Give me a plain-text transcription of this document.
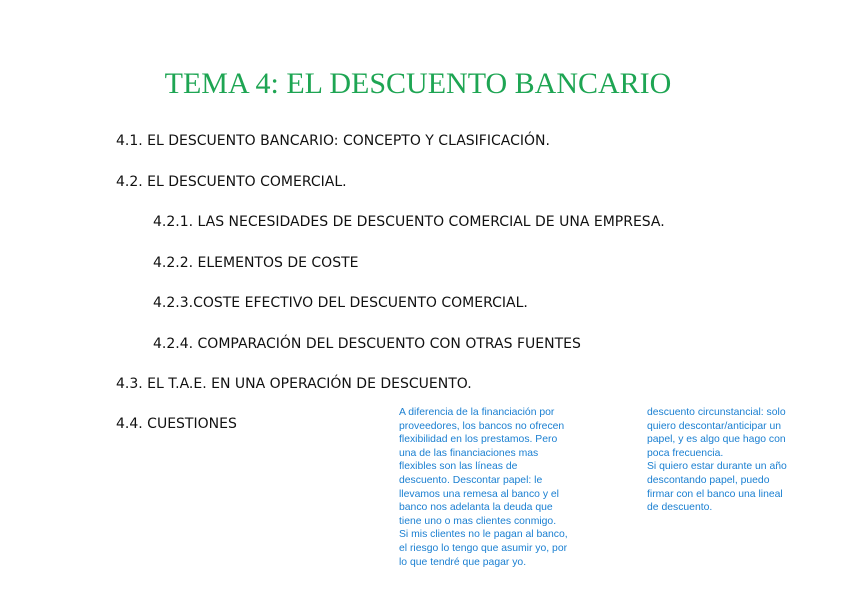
TEMA 4: EL DESCUENTO BANCARIO
4.1. EL DESCUENTO BANCARIO: CONCEPTO Y CLASIFICACIÓN.
4.2. EL DESCUENTO COMERCIAL.
4.2.1. LAS NECESIDADES DE DESCUENTO COMERCIAL DE UNA EMPRESA.
4.2.2. ELEMENTOS DE COSTE
4.2.3.COSTE EFECTIVO DEL DESCUENTO COMERCIAL.
4.2.4. COMPARACIÓN DEL DESCUENTO CON OTRAS FUENTES
4.3. EL T.A.E. EN UNA OPERACIÓN DE DESCUENTO.
4.4. CUESTIONES
A diferencia de la financiación por
proveedores, los bancos no ofrecen
flexibilidad en los prestamos. Pero
una de las financiaciones mas
flexibles son las líneas de
descuento. Descontar papel: le
llevamos una remesa al banco y el
banco nos adelanta la deuda que
tiene uno o mas clientes conmigo.
Si mis clientes no le pagan al banco,
el riesgo lo tengo que asumir yo, por
lo que tendré que pagar yo.
descuento circunstancial: solo
quiero descontar/anticipar un
papel, y es algo que hago con
poca frecuencia.
Si quiero estar durante un año
descontando papel, puedo
firmar con el banco una lineal
de descuento.
